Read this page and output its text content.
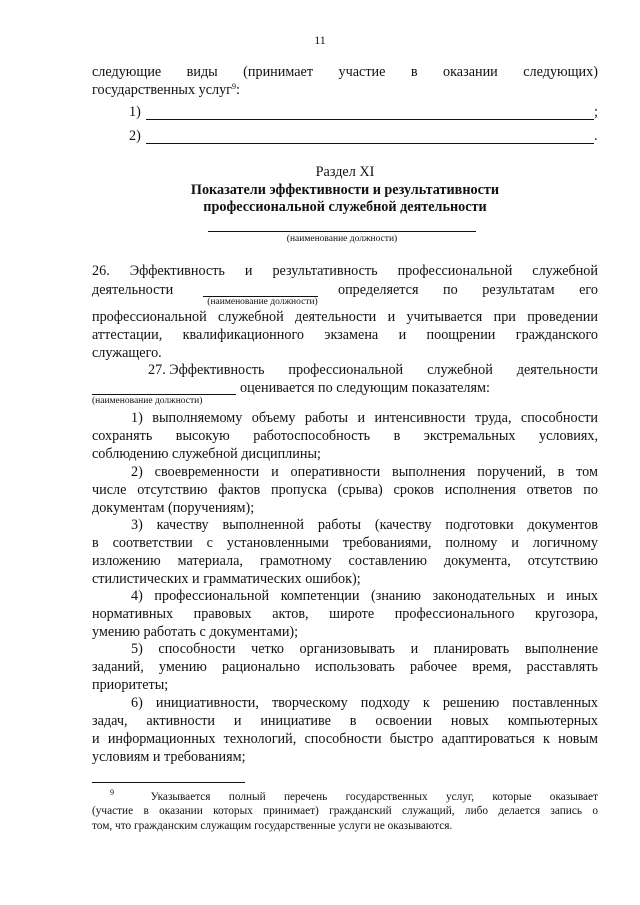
11
следующие виды (принимает участие в оказании следующих)
государственных услуг$^9$:
1)	;
2)	.
Раздел XI
Показатели эффективности и результативности
профессиональной служебной деятельности
(наименование должности)
26. Эффективность и результативность профессиональной служебной
деятельности
(наименование должности)
определяется по результатам его
профессиональной служебной деятельности и учитывается при проведении
аттестации, квалификационного экзамена и поощрении гражданского
служащего.
27. Эффективность профессиональной служебной деятельности
оценивается по следующим показателям:
(наименование должности)
1) выполняемому объему работы и интенсивности труда, способности
сохранять высокую работоспособность в экстремальных условиях,
соблюдению служебной дисциплины;
2) своевременности и оперативности выполнения поручений, в том
числе отсутствию фактов пропуска (срыва) сроков исполнения ответов по
документам (поручениям);
3) качеству выполненной работы (качеству подготовки документов
в соответствии с установленными требованиями, полному и логичному
изложению материала, грамотному составлению документа, отсутствию
стилистических и грамматических ошибок);
4) профессиональной компетенции (знанию законодательных и иных
нормативных правовых актов, широте профессионального кругозора,
умению работать с документами);
5) способности четко организовывать и планировать выполнение
заданий, умению рационально использовать рабочее время, расставлять
приоритеты;
6) инициативности, творческому подходу к решению поставленных
задач, активности и инициативе в освоении новых компьютерных
и информационных технологий, способности быстро адаптироваться к новым
условиям и требованиям;
$^9$	Указывается полный перечень государственных услуг, которые оказывает
(участие в оказании которых принимает) гражданский служащий, либо делается запись о
том, что гражданским служащим государственные услуги не оказываются.
